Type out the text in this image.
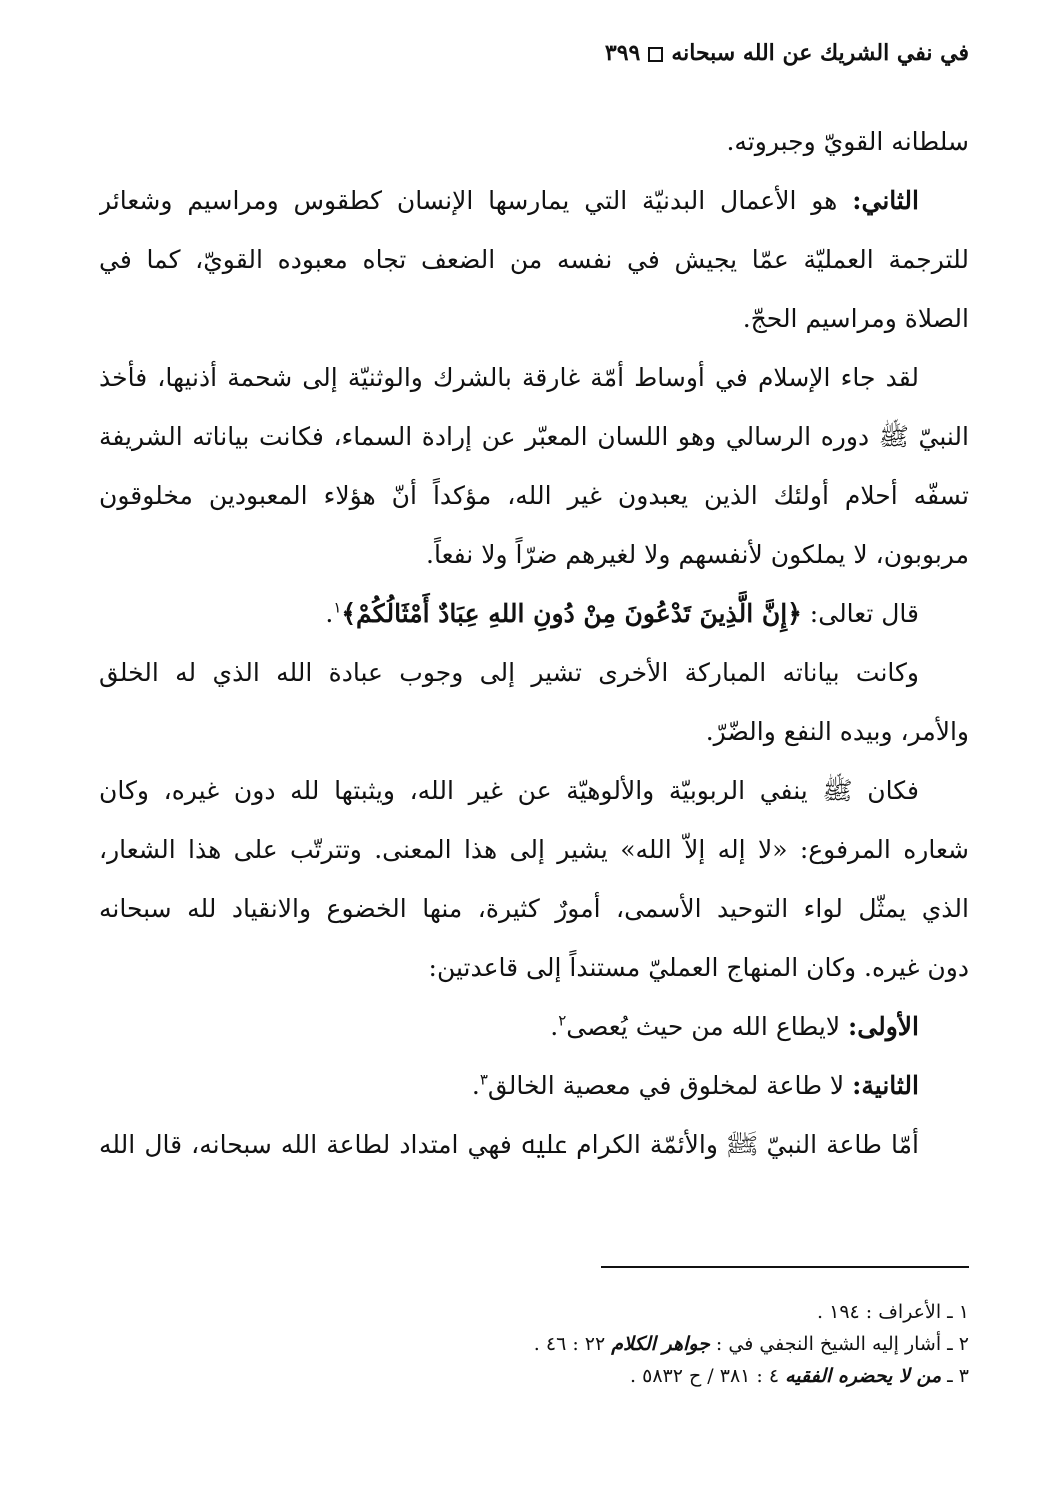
في نفي الشريك عن الله سبحانه٣٩٩
سلطانه القويّ وجبروته.
الثاني: هو الأعمال البدنيّة التي يمارسها الإنسان كطقوس ومراسيم وشعائر
للترجمة العمليّة عمّا يجيش في نفسه من الضعف تجاه معبوده القويّ، كما في
الصلاة ومراسيم الحجّ.
لقد جاء الإسلام في أوساط أمّة غارقة بالشرك والوثنيّة إلى شحمة أذنيها، فأخذ
النبيّ ﷺ دوره الرسالي وهو اللسان المعبّر عن إرادة السماء، فكانت بياناته الشريفة
تسفّه أحلام أولئك الذين يعبدون غير الله، مؤكداً أنّ هؤلاء المعبودين مخلوقون
مربوبون، لا يملكون لأنفسهم ولا لغيرهم ضرّاً ولا نفعاً.
قال تعالى: ﴿إِنَّ الَّذِينَ تَدْعُونَ مِنْ دُونِ اللهِ عِبَادٌ أَمْثَالُكُمْ﴾$^١$.
وكانت بياناته المباركة الأخرى تشير إلى وجوب عبادة الله الذي له الخلق
والأمر، وبيده النفع والضّرّ.
فكان ﷺ ينفي الربوبيّة والألوهيّة عن غير الله، ويثبتها لله دون غيره، وكان
شعاره المرفوع: «لا إله إلاّ الله» يشير إلى هذا المعنى. وتترتّب على هذا الشعار،
الذي يمثّل لواء التوحيد الأسمى، أمورٌ كثيرة، منها الخضوع والانقياد لله سبحانه
دون غيره. وكان المنهاج العمليّ مستنداً إلى قاعدتين:
الأولى: لايطاع الله من حيث يُعصى$^٢$.
الثانية: لا طاعة لمخلوق في معصية الخالق$^٣$.
أمّا طاعة النبيّ ﷺ والأئمّة الكرام ﷷ فهي امتداد لطاعة الله سبحانه، قال الله
١ ـ الأعراف : ١٩٤ .
٢ ـ أشار إليه الشيخ النجفي في : جواهر الكلام ٢٢ : ٤٦ .
٣ ـ من لا يحضره الفقيه ٤ : ٣٨١ / ح ٥٨٣٢ .
